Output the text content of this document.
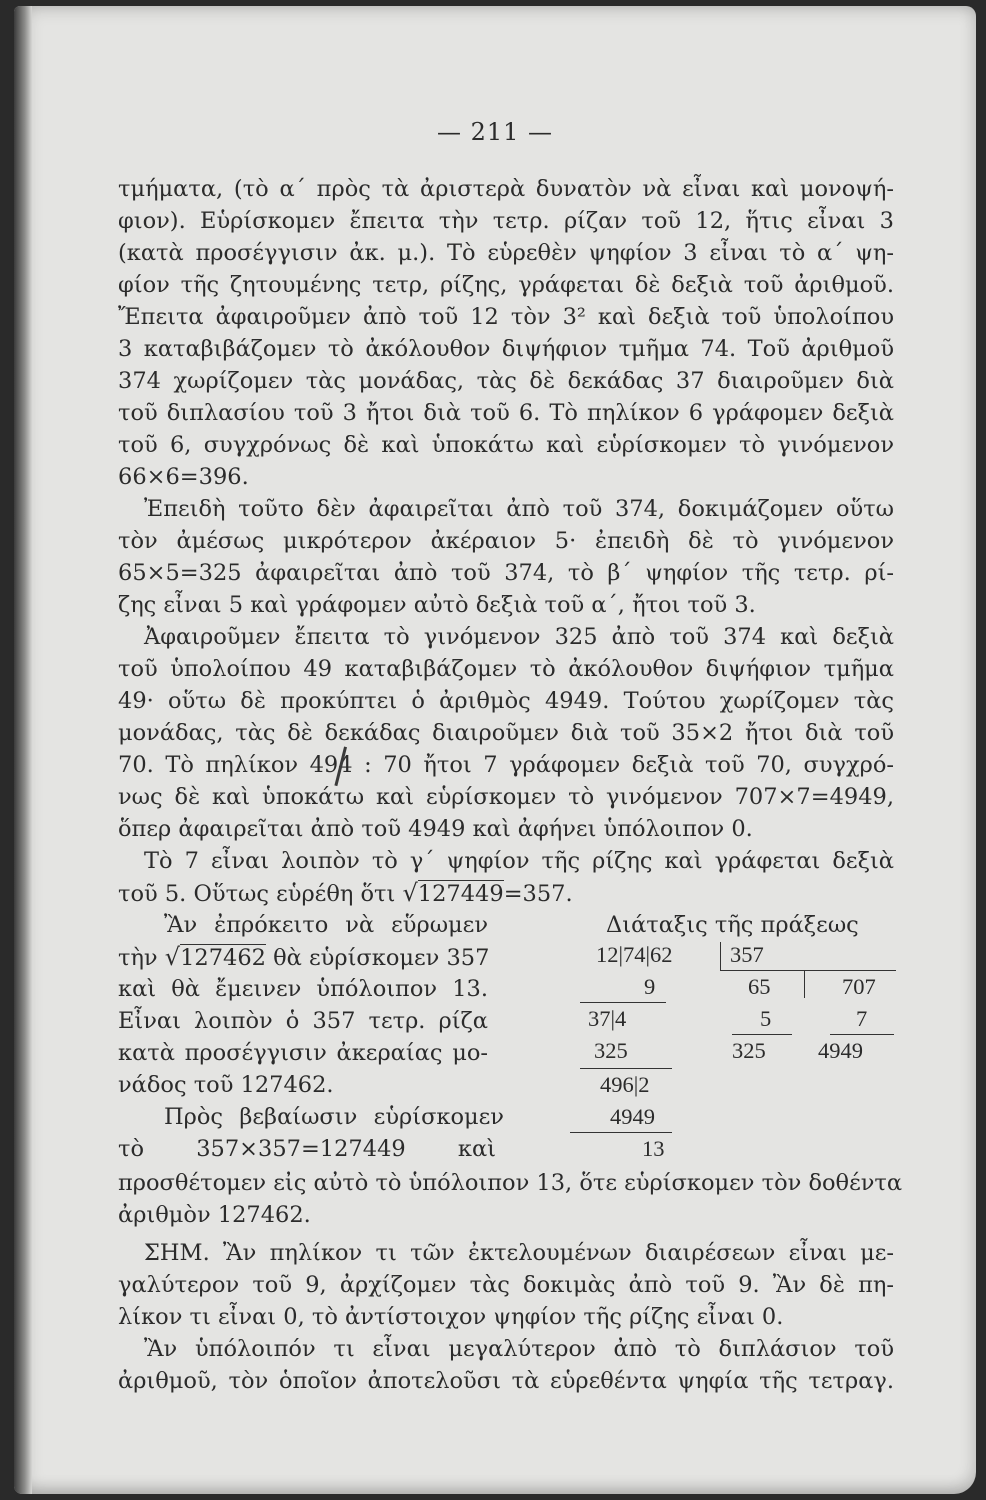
— 211 —
τμήματα, (τὸ α΄ πρὸς τὰ ἀριστερὰ δυνατὸν νὰ εἶναι καὶ μονοψή-
φιον). Εὑρίσκομεν ἔπειτα τὴν τετρ. ρίζαν τοῦ 12, ἥτις εἶναι 3
(κατὰ προσέγγισιν ἀκ. μ.). Τὸ εὑρεθὲν ψηφίον 3 εἶναι τὸ α΄ ψη-
φίον τῆς ζητουμένης τετρ, ρίζης, γράφεται δὲ δεξιὰ τοῦ ἀριθμοῦ.
Ἔπειτα ἀφαιροῦμεν ἀπὸ τοῦ 12 τὸν 3² καὶ δεξιὰ τοῦ ὑπολοίπου
3 καταβιβάζομεν τὸ ἀκόλουθον διψήφιον τμῆμα 74. Τοῦ ἀριθμοῦ
374 χωρίζομεν τὰς μονάδας, τὰς δὲ δεκάδας 37 διαιροῦμεν διὰ
τοῦ διπλασίου τοῦ 3 ἤτοι διὰ τοῦ 6. Τὸ πηλίκον 6 γράφομεν δεξιὰ
τοῦ 6, συγχρόνως δὲ καὶ ὑποκάτω καὶ εὑρίσκομεν τὸ γινόμενον
66×6=396.
Ἐπειδὴ τοῦτο δὲν ἀφαιρεῖται ἀπὸ τοῦ 374, δοκιμάζομεν οὕτω
τὸν ἀμέσως μικρότερον ἀκέραιον 5· ἐπειδὴ δὲ τὸ γινόμενον
65×5=325 ἀφαιρεῖται ἀπὸ τοῦ 374, τὸ β΄ ψηφίον τῆς τετρ. ρί-
ζης εἶναι 5 καὶ γράφομεν αὐτὸ δεξιὰ τοῦ α΄, ἤτοι τοῦ 3.
Ἀφαιροῦμεν ἔπειτα τὸ γινόμενον 325 ἀπὸ τοῦ 374 καὶ δεξιὰ
τοῦ ὑπολοίπου 49 καταβιβάζομεν τὸ ἀκόλουθον διψήφιον τμῆμα
49· οὕτω δὲ προκύπτει ὁ ἀριθμὸς 4949. Τούτου χωρίζομεν τὰς
μονάδας, τὰς δὲ δεκάδας διαιροῦμεν διὰ τοῦ 35×2 ἤτοι διὰ τοῦ
70. Τὸ πηλίκον 494 : 70 ἤτοι 7 γράφομεν δεξιὰ τοῦ 70, συγχρό-
νως δὲ καὶ ὑποκάτω καὶ εὑρίσκομεν τὸ γινόμενον 707×7=4949,
ὅπερ ἀφαιρεῖται ἀπὸ τοῦ 4949 καὶ ἀφήνει ὑπόλοιπον 0.
Τὸ 7 εἶναι λοιπὸν τὸ γ΄ ψηφίον τῆς ρίζης καὶ γράφεται δεξιὰ
τοῦ 5. Οὕτως εὑρέθη ὅτι √127449=357.
Ἂν ἐπρόκειτο νὰ εὕρωμεν
τὴν √127462 θὰ εὑρίσκομεν 357
καὶ θὰ ἔμεινεν ὑπόλοιπον 13.
Εἶναι λοιπὸν ὁ 357 τετρ. ρίζα
κατὰ προσέγγισιν ἀκεραίας μο-
νάδος τοῦ 127462.
Πρὸς βεβαίωσιν εὑρίσκομεν
τὸ 357×357=127449 καὶ
Διάταξις τῆς πράξεως
12|74|62	357
9	65	707
37|4	5	7
325	325 4949
496|2
4949
13
προσθέτομεν εἰς αὐτὸ τὸ ὑπόλοιπον 13, ὅτε εὑρίσκομεν τὸν δοθέντα
ἀριθμὸν 127462.
ΣΗΜ. Ἂν πηλίκον τι τῶν ἐκτελουμένων διαιρέσεων εἶναι με-
γαλύτερον τοῦ 9, ἀρχίζομεν τὰς δοκιμὰς ἀπὸ τοῦ 9. Ἂν δὲ πη-
λίκον τι εἶναι 0, τὸ ἀντίστοιχον ψηφίον τῆς ρίζης εἶναι 0.
Ἂν ὑπόλοιπόν τι εἶναι μεγαλύτερον ἀπὸ τὸ διπλάσιον τοῦ
ἀριθμοῦ, τὸν ὁποῖον ἀποτελοῦσι τὰ εὑρεθέντα ψηφία τῆς τετραγ.
